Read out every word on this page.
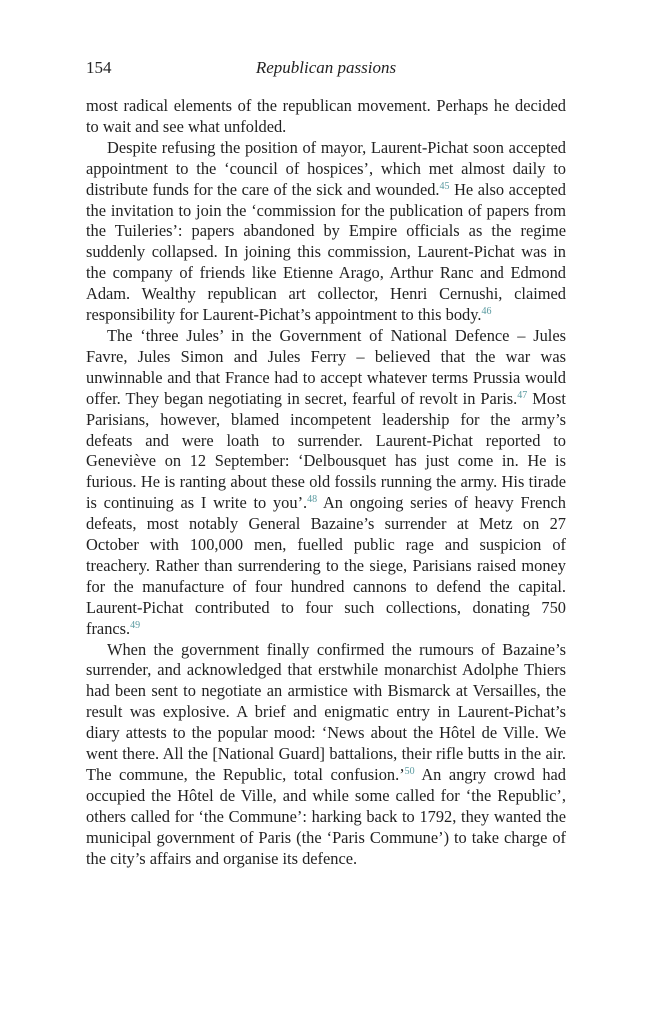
154	Republican passions

most radical elements of the republican movement. Perhaps he decided to wait and see what unfolded.

Despite refusing the position of mayor, Laurent-Pichat soon accepted appointment to the ‘council of hospices’, which met almost daily to distribute funds for the care of the sick and wounded.$^{45}$ He also accepted the invitation to join the ‘commission for the publication of papers from the Tuileries’: papers abandoned by Empire officials as the regime suddenly collapsed. In joining this commission, Laurent-Pichat was in the company of friends like Etienne Arago, Arthur Ranc and Edmond Adam. Wealthy republican art collector, Henri Cernushi, claimed responsibility for Laurent-Pichat’s appointment to this body.$^{46}$

The ‘three Jules’ in the Government of National Defence – Jules Favre, Jules Simon and Jules Ferry – believed that the war was unwinnable and that France had to accept whatever terms Prussia would offer. They began negotiating in secret, fearful of revolt in Paris.$^{47}$ Most Parisians, however, blamed incompetent leadership for the army’s defeats and were loath to surrender. Laurent-Pichat reported to Geneviève on 12 September: ‘Delbousquet has just come in. He is furious. He is ranting about these old fossils running the army. His tirade is continuing as I write to you’.$^{48}$ An ongoing series of heavy French defeats, most notably General Bazaine’s surrender at Metz on 27 October with 100,000 men, fuelled public rage and suspicion of treachery. Rather than surrendering to the siege, Parisians raised money for the manufacture of four hundred cannons to defend the capital. Laurent-Pichat contributed to four such collections, donating 750 francs.$^{49}$

When the government finally confirmed the rumours of Bazaine’s surrender, and acknowledged that erstwhile monarchist Adolphe Thiers had been sent to negotiate an armistice with Bismarck at Versailles, the result was explosive. A brief and enigmatic entry in Laurent-Pichat’s diary attests to the popular mood: ‘News about the Hôtel de Ville. We went there. All the [National Guard] battalions, their rifle butts in the air. The commune, the Republic, total confusion.’$^{50}$ An angry crowd had occupied the Hôtel de Ville, and while some called for ‘the Republic’, others called for ‘the Commune’: harking back to 1792, they wanted the municipal government of Paris (the ‘Paris Commune’) to take charge of the city’s affairs and organise its defence.
